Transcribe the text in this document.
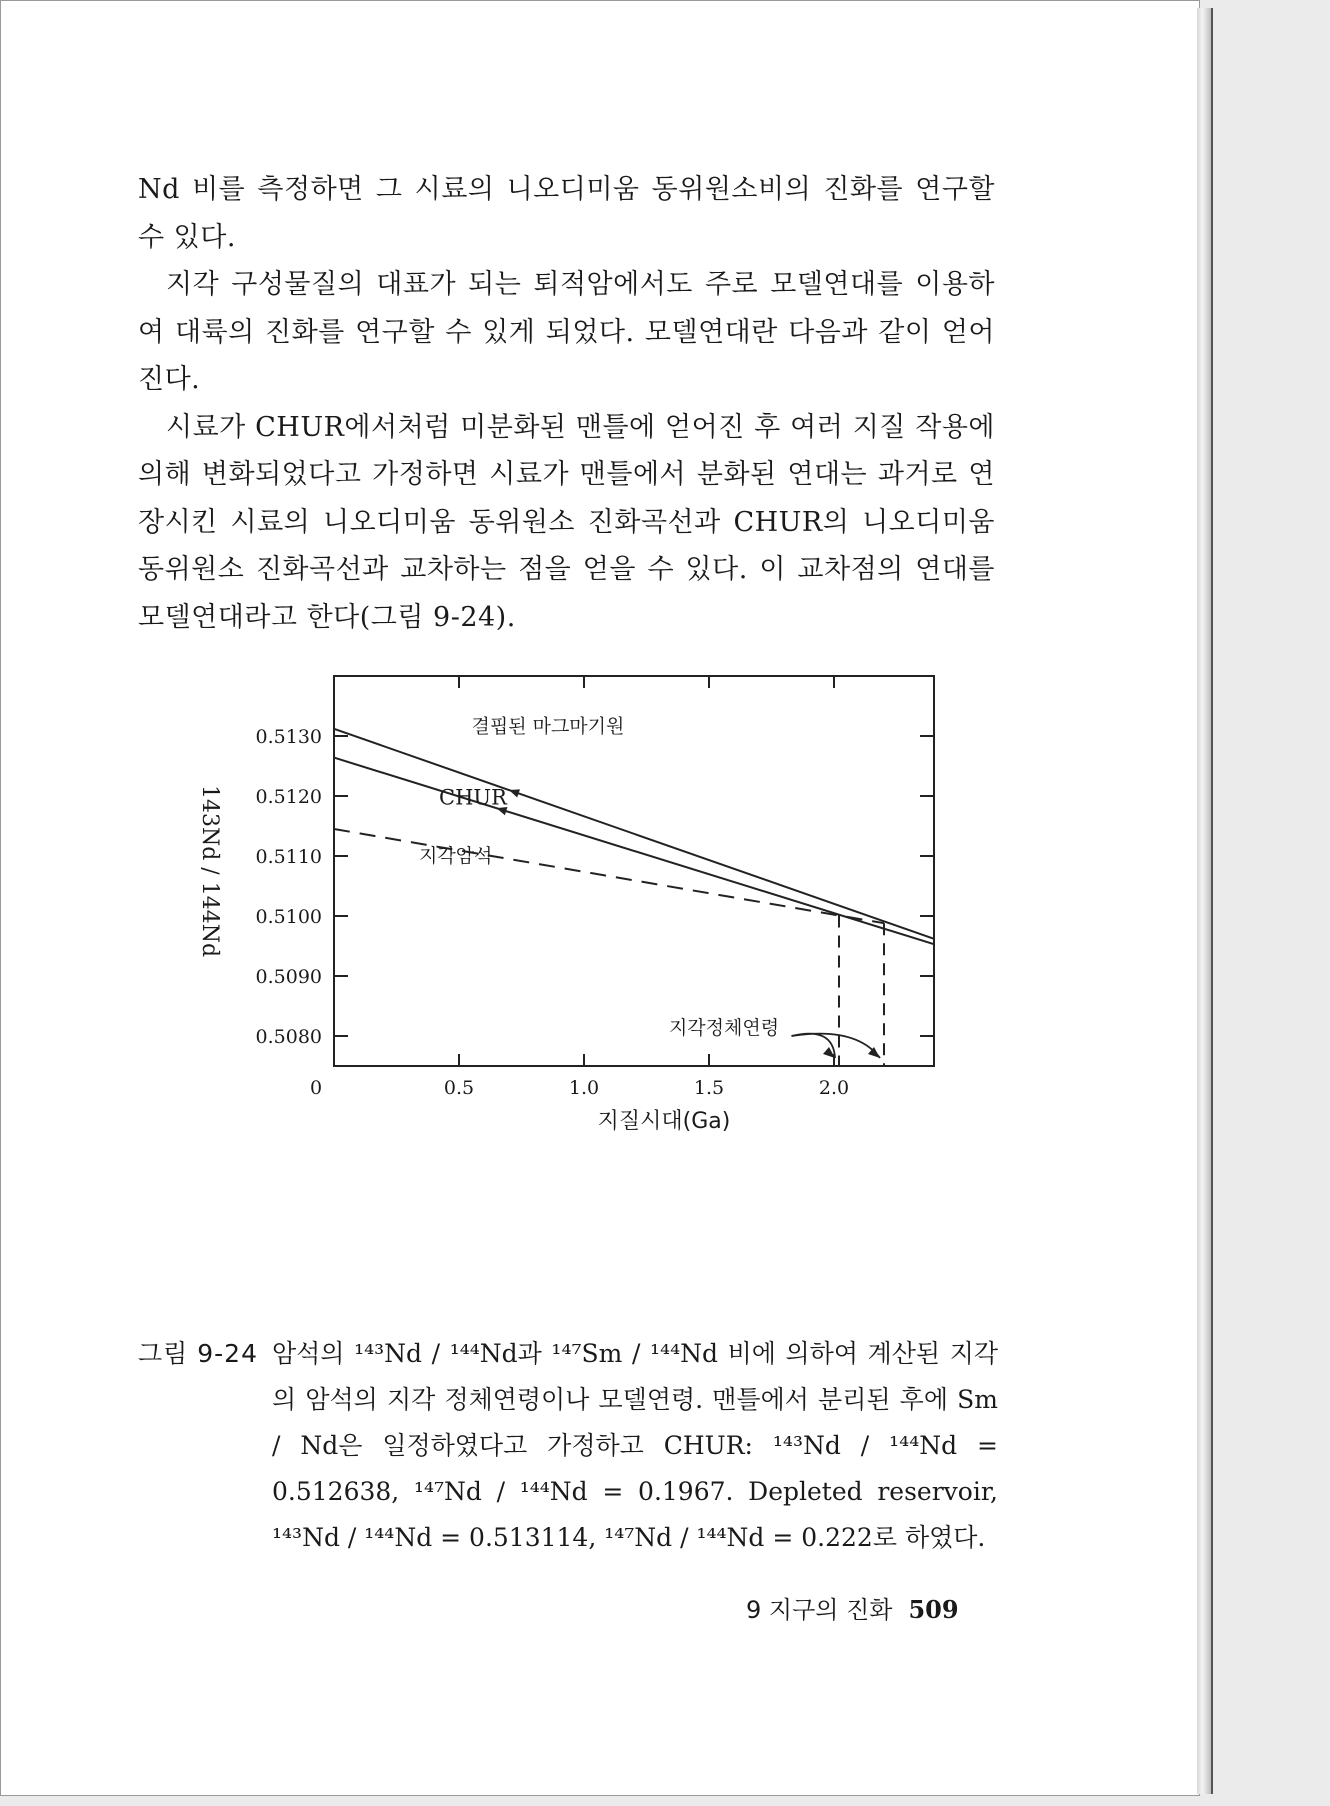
Nd 비를 측정하면 그 시료의 니오디미움 동위원소비의 진화를 연구할 수 있다.

지각 구성물질의 대표가 되는 퇴적암에서도 주로 모델연대를 이용하여 대륙의 진화를 연구할 수 있게 되었다. 모델연대란 다음과 같이 얻어진다.

시료가 CHUR에서처럼 미분화된 맨틀에 얻어진 후 여러 지질 작용에 의해 변화되었다고 가정하면 시료가 맨틀에서 분화된 연대는 과거로 연장시킨 시료의 니오디미움 동위원소 진화곡선과 CHUR의 니오디미움 동위원소 진화곡선과 교차하는 점을 얻을 수 있다. 이 교차점의 연대를 모델연대라고 한다(그림 9-24).

0	0.5	1.0	1.5	2.0
0.5130
0.5120
0.5110
0.5100
0.5090
0.5080
지질시대(Ga)
143Nd / 144Nd
결핍된 마그마기원
CHUR
지각암석
지각정체연령
그림 9-24 암석의 ¹⁴³Nd / ¹⁴⁴Nd과 ¹⁴⁷Sm / ¹⁴⁴Nd 비에 의하여 계산된 지각의 암석의 지각 정체연령이나 모델연령. 맨틀에서 분리된 후에 Sm / Nd은 일정하였다고 가정하고 CHUR: ¹⁴³Nd / ¹⁴⁴Nd = 0.512638, ¹⁴⁷Nd / ¹⁴⁴Nd = 0.1967. Depleted reservoir, ¹⁴³Nd / ¹⁴⁴Nd = 0.513114, ¹⁴⁷Nd / ¹⁴⁴Nd = 0.222로 하였다.
9 지구의 진화 509
